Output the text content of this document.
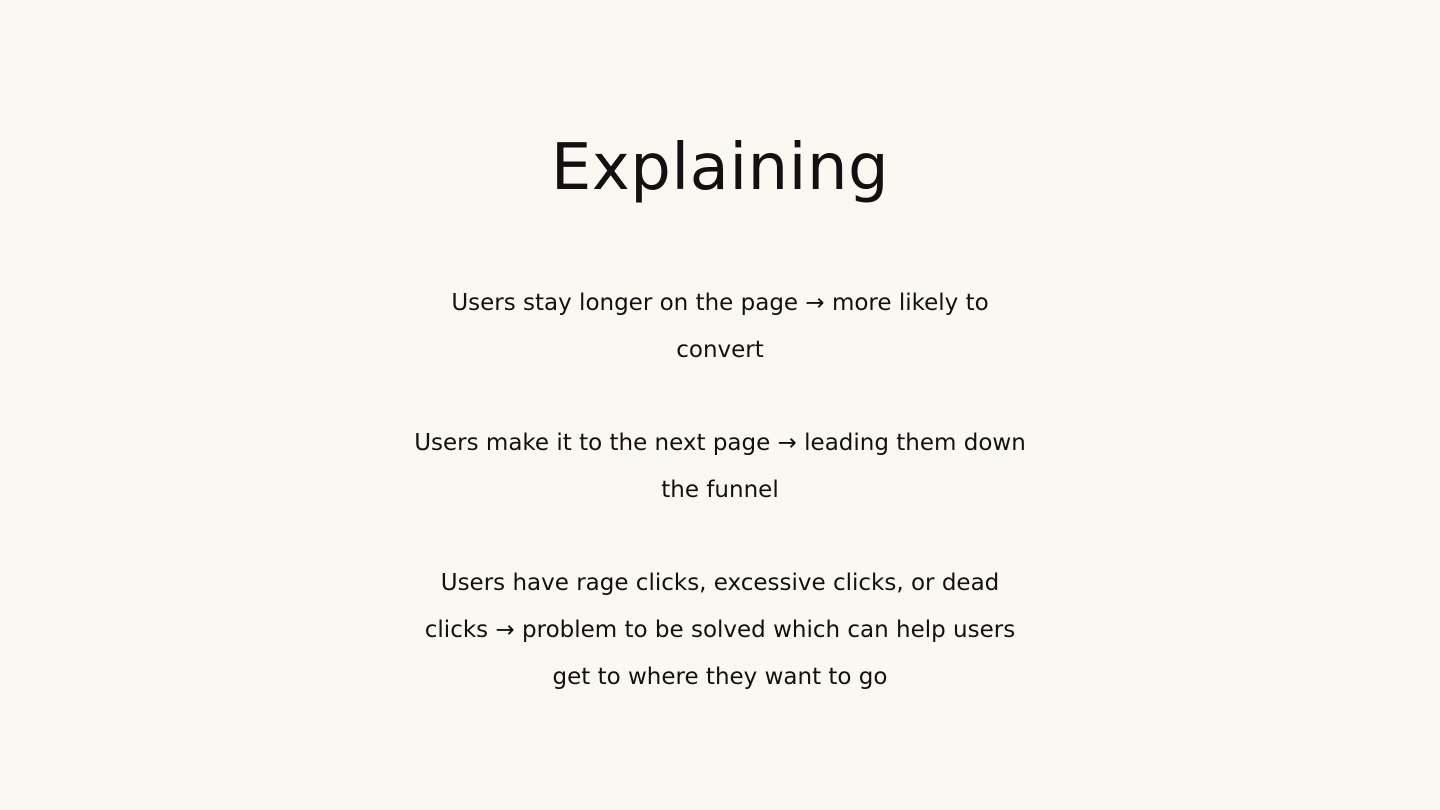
Explaining

Users stay longer on the page → more likely to convert

Users make it to the next page → leading them down the funnel

Users have rage clicks, excessive clicks, or dead clicks → problem to be solved which can help users get to where they want to go
